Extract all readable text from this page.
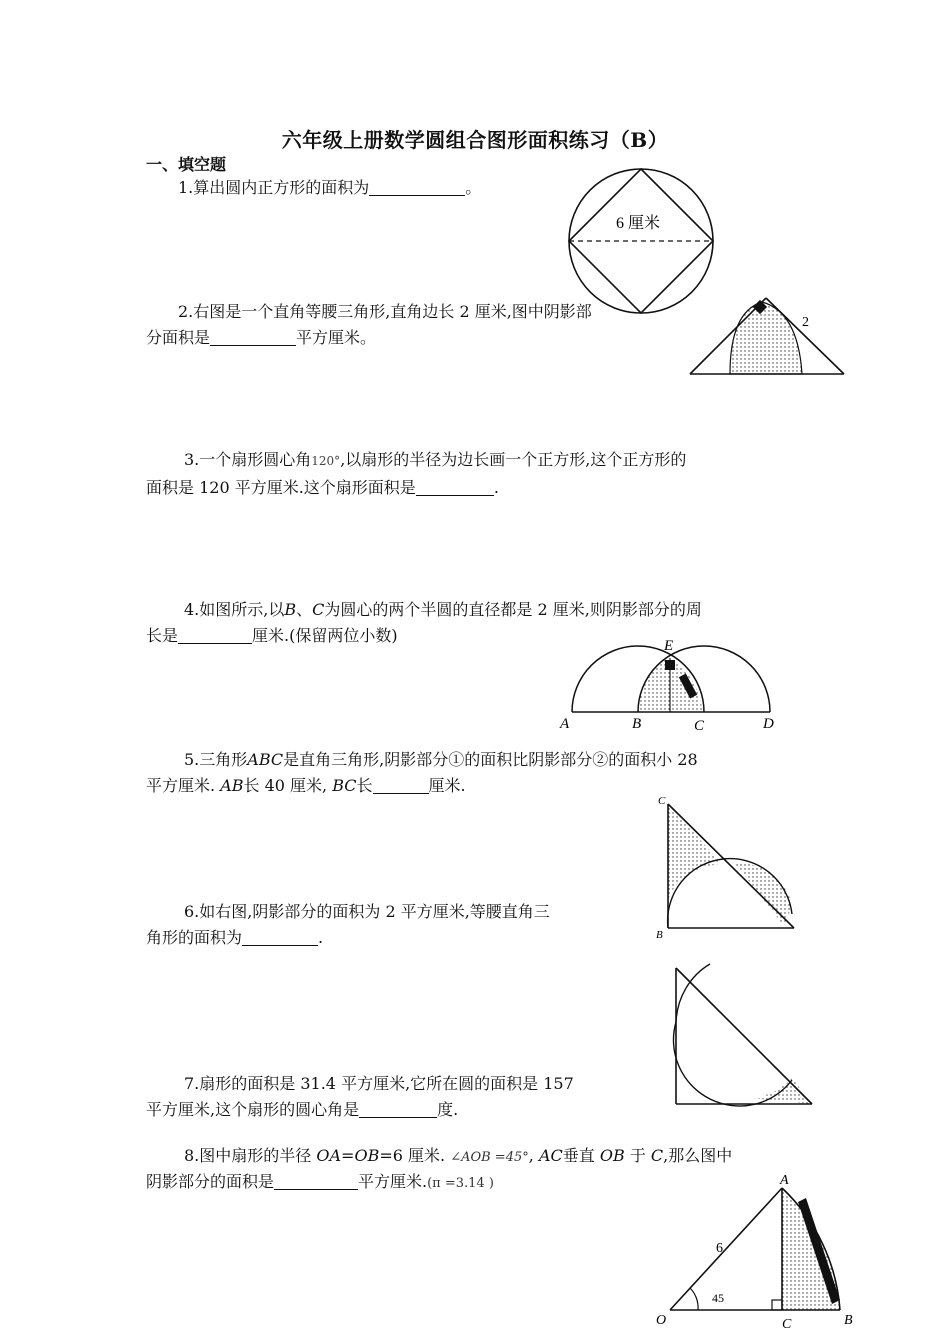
六年级上册数学圆组合图形面积练习（B）
一、填空题
1.算出圆内正方形的面积为	。
6 厘米
2.右图是一个直角等腰三角形,直角边长 2 厘米,图中阴影部
分面积是	平方厘米。
2
3.一个扇形圆心角120°,以扇形的半径为边长画一个正方形,这个正方形的
面积是 120 平方厘米.这个扇形面积是	.
4.如图所示,以B、C为圆心的两个半圆的直径都是 2 厘米,则阴影部分的周
长是	厘米.(保留两位小数)
A	B	C	D
E
5.三角形ABC是直角三角形,阴影部分①的面积比阴影部分②的面积小 28
平方厘米. AB长 40 厘米, BC长	厘米.
C
B
6.如右图,阴影部分的面积为 2 平方厘米,等腰直角三
角形的面积为	.
7.扇形的面积是 31.4 平方厘米,它所在圆的面积是 157
平方厘米,这个扇形的圆心角是	度.
8.图中扇形的半径 OA=OB=6 厘米. ∠AOB =45°, AC垂直 OB 于 C,那么图中
阴影部分的面积是	平方厘米.(π =3.14 )	A
O	C	B
6
45
